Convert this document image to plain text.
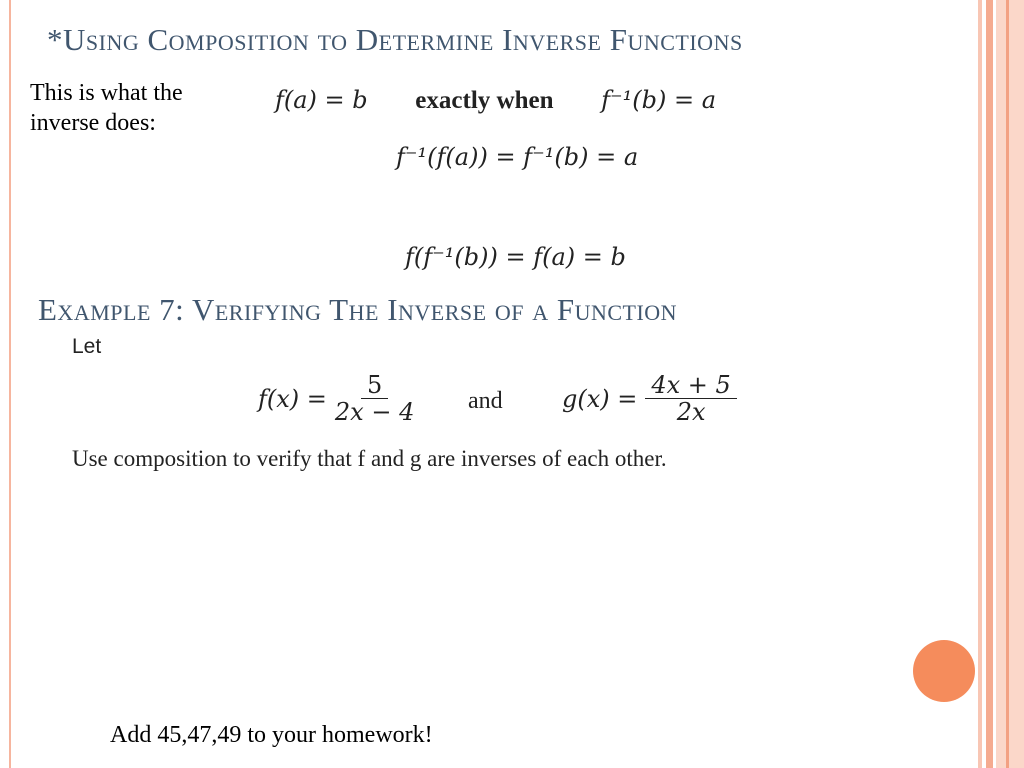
*Using Composition to Determine Inverse Functions
This is what the inverse does:
f(a) = b exactly when f⁻¹(b) = a
f⁻¹(f(a)) = f⁻¹(b) = a
f(f⁻¹(b)) = f(a) = b
Example 7: Verifying The Inverse of a Function
Let
$f(x) = \frac{5}{2x - 4}$ and $g(x) = \frac{4x + 5}{2x}$
Use composition to verify that f and g are inverses of each other.
Add 45,47,49 to your homework!
